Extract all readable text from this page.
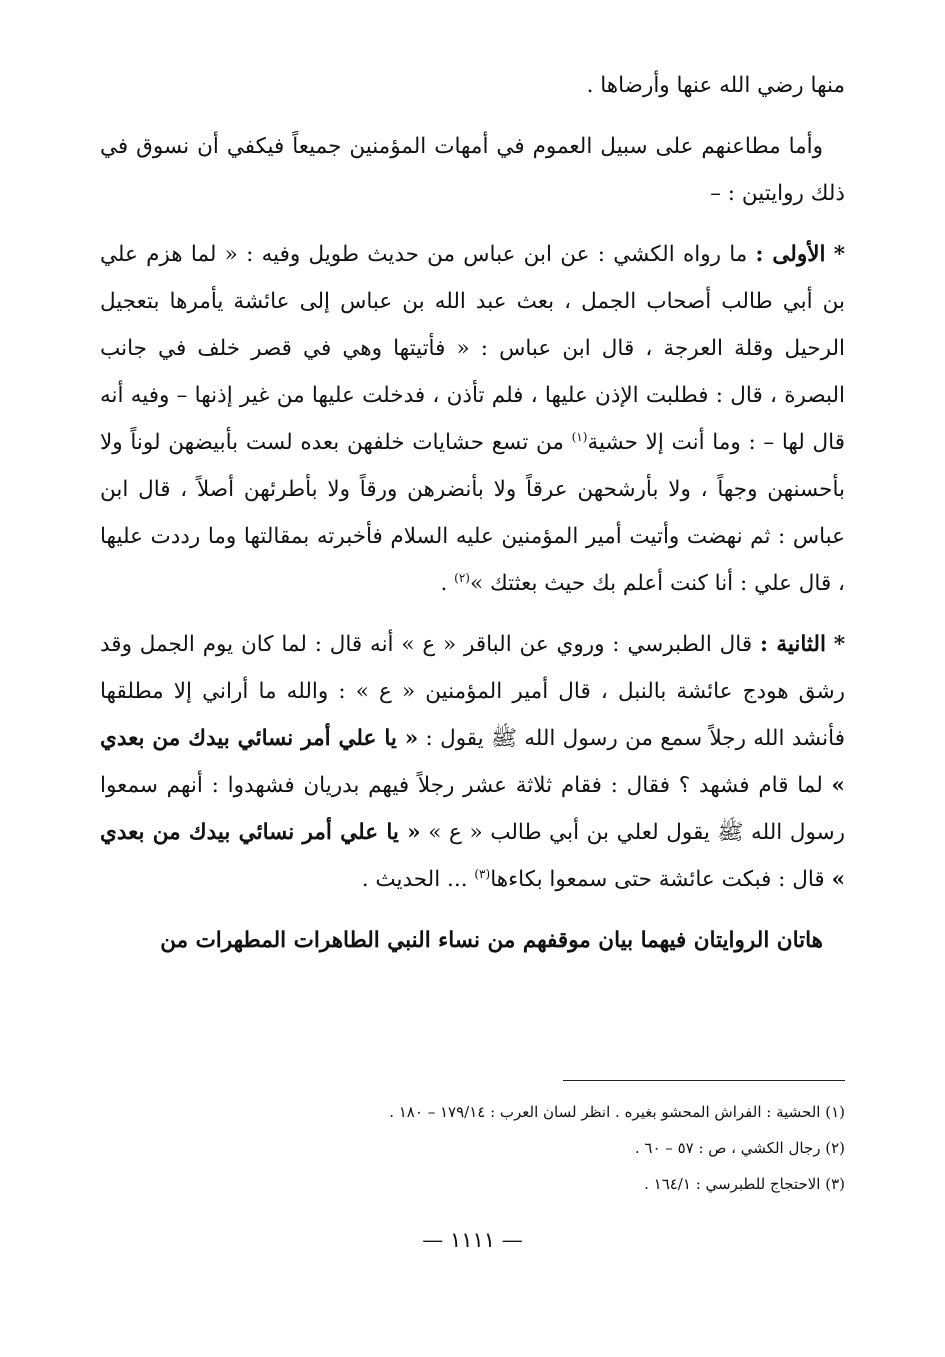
منها رضي الله عنها وأرضاها .

وأما مطاعنهم على سبيل العموم في أمهات المؤمنين جميعاً فيكفي أن نسوق في ذلك روايتين : –

* الأولى : ما رواه الكشي : عن ابن عباس من حديث طويل وفيه : « لما هزم علي بن أبي طالب أصحاب الجمل ، بعث عبد الله بن عباس إلى عائشة يأمرها بتعجيل الرحيل وقلة العرجة ، قال ابن عباس : « فأتيتها وهي في قصر خلف في جانب البصرة ، قال : فطلبت الإذن عليها ، فلم تأذن ، فدخلت عليها من غير إذنها – وفيه أنه قال لها – : وما أنت إلا حشية$^{(١)}$ من تسع حشايات خلفهن بعده لست بأبيضهن لوناً ولا بأحسنهن وجهاً ، ولا بأرشحهن عرقاً ولا بأنضرهن ورقاً ولا بأطرئهن أصلاً ، قال ابن عباس : ثم نهضت وأتيت أمير المؤمنين عليه السلام فأخبرته بمقالتها وما رددت عليها ، قال علي : أنا كنت أعلم بك حيث بعثتك »$^{(٢)}$ .

* الثانية : قال الطبرسي : وروي عن الباقر « ع » أنه قال : لما كان يوم الجمل وقد رشق هودج عائشة بالنبل ، قال أمير المؤمنين « ع » : والله ما أراني إلا مطلقها فأنشد الله رجلاً سمع من رسول الله ﷺ يقول : « يا علي أمر نسائي بيدك من بعدي » لما قام فشهد ؟ فقال : فقام ثلاثة عشر رجلاً فيهم بدريان فشهدوا : أنهم سمعوا رسول الله ﷺ يقول لعلي بن أبي طالب « ع » « يا علي أمر نسائي بيدك من بعدي » قال : فبكت عائشة حتى سمعوا بكاءها$^{(٣)}$ ... الحديث .

هاتان الروايتان فيهما بيان موقفهم من نساء النبي الطاهرات المطهرات من

(١) الحشية : الفراش المحشو بغيره . انظر لسان العرب : ١٧٩/١٤ – ١٨٠ .

(٢) رجال الكشي ، ص : ٥٧ – ٦٠ .

(٣) الاحتجاج للطبرسي : ١٦٤/١ .

— ١١١١ —
